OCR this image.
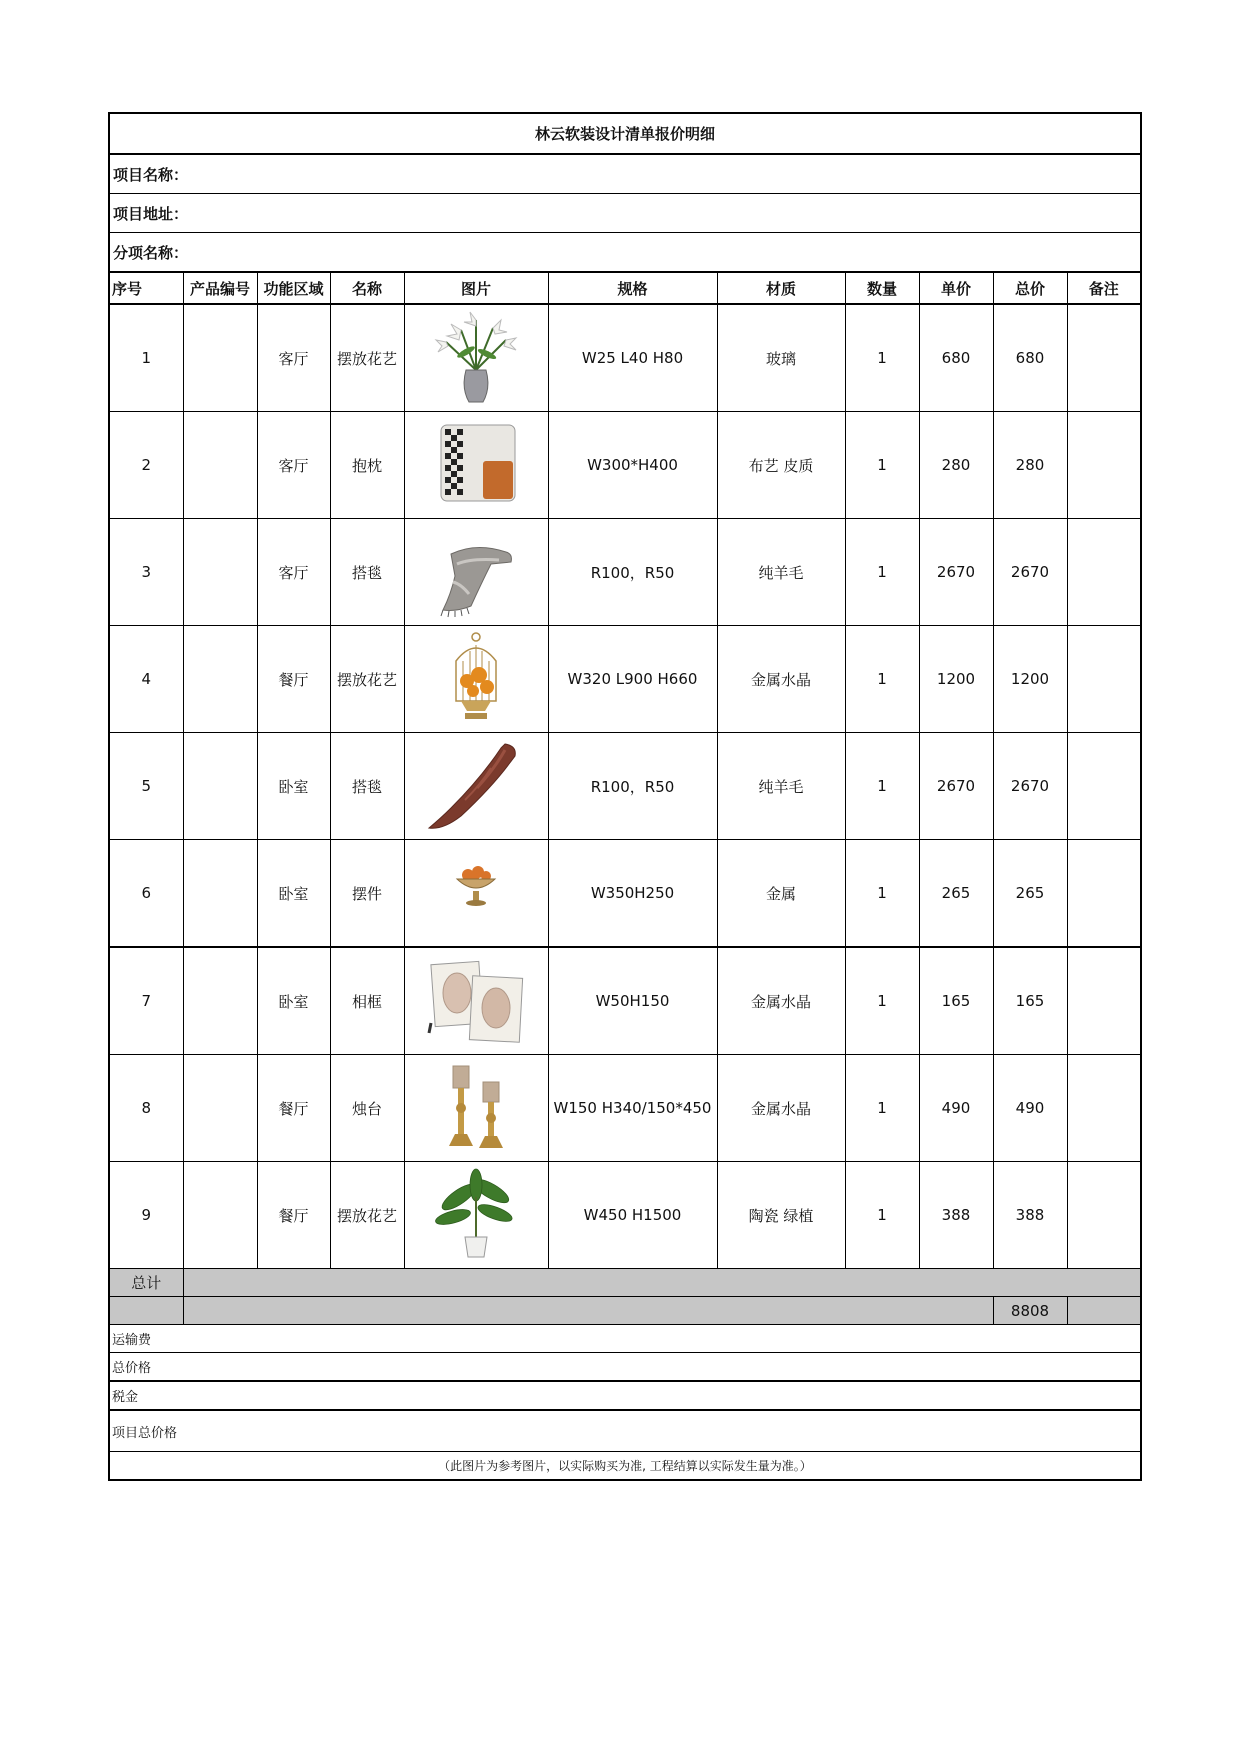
林云软装设计清单报价明细										
项目名称：										
项目地址：										
分项名称：										
序号	产品编号	功能区域	名称	图片	规格	材质	数量	单价	总价	备注
1		客厅	摆放花艺		W25 L40 H80	玻璃	1	680	680	
2		客厅	抱枕		W300*H400	布艺 皮质	1	280	280	
3		客厅	搭毯		R100，R50	纯羊毛	1	2670	2670	
4		餐厅	摆放花艺		W320 L900 H660	金属水晶	1	1200	1200	
5		卧室	搭毯		R100，R50	纯羊毛	1	2670	2670	
6		卧室	摆件		W350H250	金属	1	265	265	
7		卧室	相框		W50H150	金属水晶	1	165	165	
8		餐厅	烛台		W150 H340/150*450	金属水晶	1	490	490	
9		餐厅	摆放花艺		W450 H1500	陶瓷 绿植	1	388	388	
总计										
									8808	
运输费										
总价格										
税金										
项目总价格										
（此图片为参考图片，以实际购买为准, 工程结算以实际发生量为准。）										
